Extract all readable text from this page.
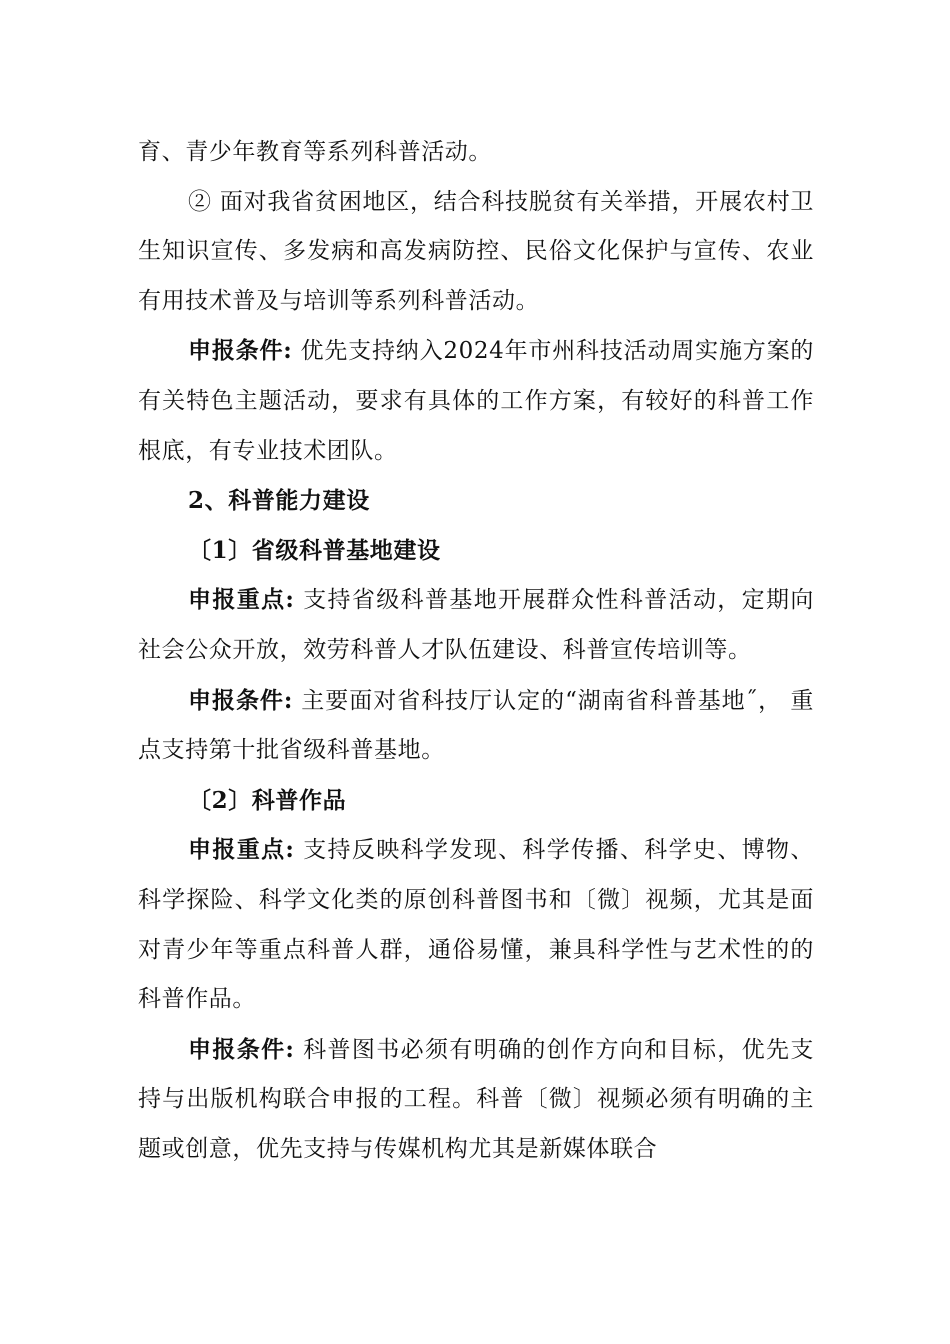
育、青少年教育等系列科普活动。

② 面对我省贫困地区，结合科技脱贫有关举措，开展农村卫生知识宣传、多发病和高发病防控、民俗文化保护与宣传、农业有用技术普及与培训等系列科普活动。

申报条件: 优先支持纳入2024年市州科技活动周实施方案的有关特色主题活动，要求有具体的工作方案，有较好的科普工作根底，有专业技术团队。

2、科普能力建设

〔1〕省级科普基地建设

申报重点: 支持省级科普基地开展群众性科普活动，定期向社会公众开放，效劳科普人才队伍建设、科普宣传培训等。

申报条件: 主要面对省科技厅认定的“湖南省科普基地˝， 重点支持第十批省级科普基地。

〔2〕科普作品

申报重点: 支持反映科学发现、科学传播、科学史、博物、科学探险、科学文化类的原创科普图书和〔微〕视频，尤其是面对青少年等重点科普人群，通俗易懂，兼具科学性与艺术性的的科普作品。

申报条件: 科普图书必须有明确的创作方向和目标，优先支持与出版机构联合申报的工程。科普〔微〕视频必须有明确的主题或创意，优先支持与传媒机构尤其是新媒体联合
